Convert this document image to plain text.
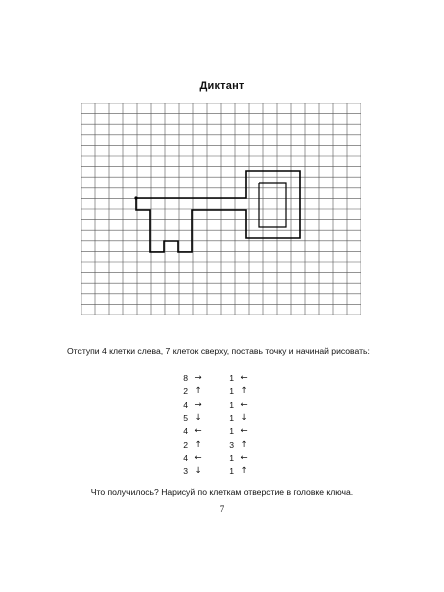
Диктант
Отступи 4 клетки слева, 7 клеток сверху, поставь точку и начинай рисовать:
8 →
2 ↑
4 →
5 ↓
4 ←
2 ↑
4 ←
3 ↓
1 ←
1 ↑
1 ←
1 ↓
1 ←
3 ↑
1 ←
1 ↑
Что получилось? Нарисуй по клеткам отверстие в головке ключа.
7
